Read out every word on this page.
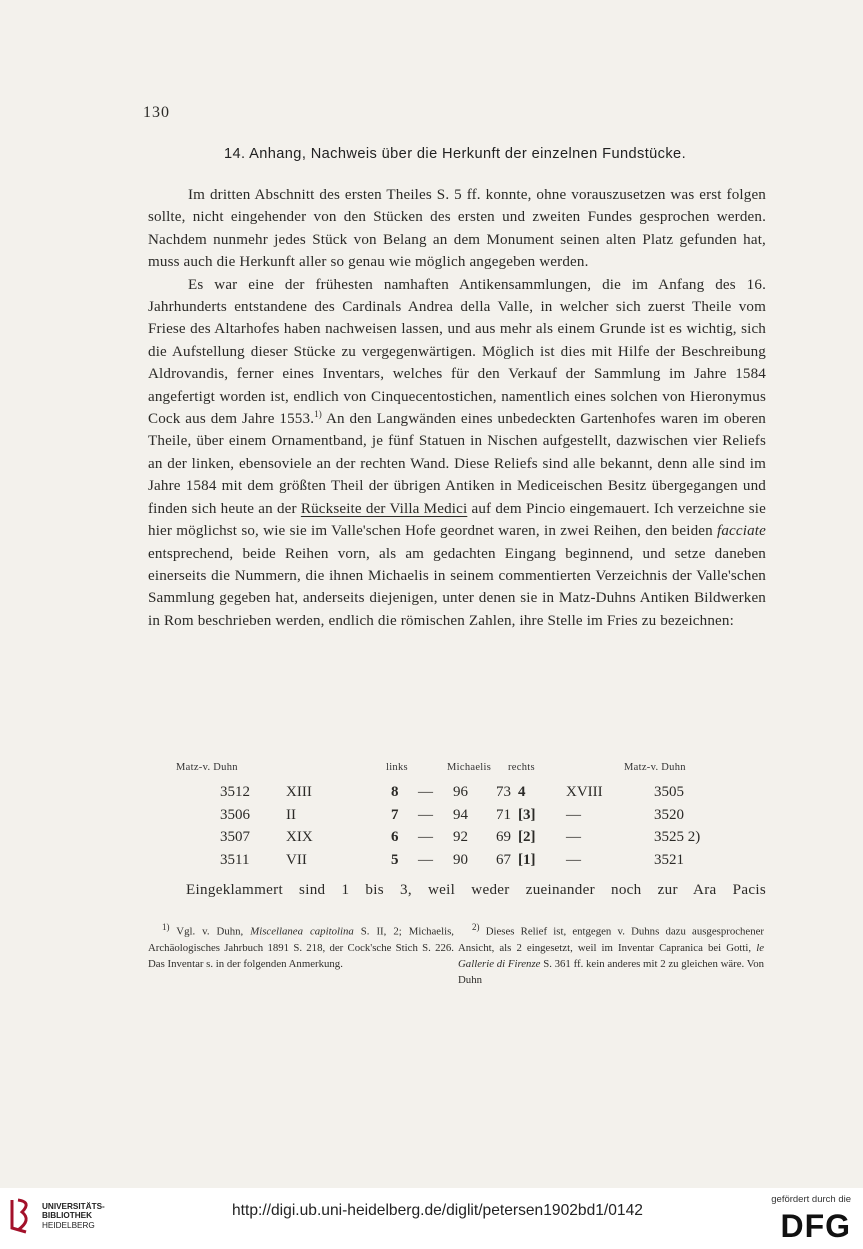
130
14. Anhang, Nachweis über die Herkunft der einzelnen Fundstücke.

Im dritten Abschnitt des ersten Theiles S. 5 ff. konnte, ohne vorauszusetzen was erst folgen sollte, nicht eingehender von den Stücken des ersten und zweiten Fundes gesprochen werden. Nachdem nunmehr jedes Stück von Belang an dem Monument seinen alten Platz gefunden hat, muss auch die Herkunft aller so genau wie möglich angegeben werden.

Es war eine der frühesten namhaften Antikensammlungen, die im Anfang des 16. Jahrhunderts entstandene des Cardinals Andrea della Valle, in welcher sich zuerst Theile vom Friese des Altarhofes haben nachweisen lassen, und aus mehr als einem Grunde ist es wichtig, sich die Aufstellung dieser Stücke zu vergegenwärtigen. Möglich ist dies mit Hilfe der Beschreibung Aldrovandis, ferner eines Inventars, welches für den Verkauf der Sammlung im Jahre 1584 angefertigt worden ist, endlich von Cinquecentostichen, namentlich eines solchen von Hieronymus Cock aus dem Jahre 1553.$^{1)}$ An den Langwänden eines unbedeckten Gartenhofes waren im oberen Theile, über einem Ornamentband, je fünf Statuen in Nischen aufgestellt, dazwischen vier Reliefs an der linken, ebensoviele an der rechten Wand. Diese Reliefs sind alle bekannt, denn alle sind im Jahre 1584 mit dem größten Theil der übrigen Antiken in Mediceischen Besitz übergegangen und finden sich heute an der Rückseite der Villa Medici auf dem Pincio eingemauert. Ich verzeichne sie hier möglichst so, wie sie im Valle'schen Hofe geordnet waren, in zwei Reihen, den beiden facciate entsprechend, beide Reihen vorn, als am gedachten Eingang beginnend, und setze daneben einerseits die Nummern, die ihnen Michaelis in seinem commentierten Verzeichnis der Valle'schen Sammlung gegeben hat, anderseits diejenigen, unter denen sie in Matz-Duhns Antiken Bildwerken in Rom beschrieben werden, endlich die römischen Zahlen, ihre Stelle im Fries zu bezeichnen:

Matz-v. Duhn	links	Michaelis rechts	Matz-v. Duhn
3512 XIII	8 — 96 73 4	XVIII	3505
3506 II	7 — 94 71 [3] —	3520
3507 XIX	6 — 92 69 [2] —	3525 2)
3511 VII	5 — 90 67 [1] —	3521
Eingeklammert sind 1 bis 3, weil weder zueinander noch zur Ara Pacis

$^{1)}$ Vgl. v. Duhn, Miscellanea capitolina S. II, 2; Michaelis, Archäologisches Jahrbuch 1891 S. 218, der Cock'sche Stich S. 226. Das Inventar s. in der folgenden Anmerkung.

$^{2)}$ Dieses Relief ist, entgegen v. Duhns dazu ausgesprochener Ansicht, als 2 eingesetzt, weil im Inventar Capranica bei Gotti, le Gallerie di Firenze S. 361 ff. kein anderes mit 2 zu gleichen wäre. Von Duhn

UNIVERSITÄTS-
BIBLIOTHEK
HEIDELBERG
http://digi.ub.uni-heidelberg.de/diglit/petersen1902bd1/0142
gefördert durch die
DFG
